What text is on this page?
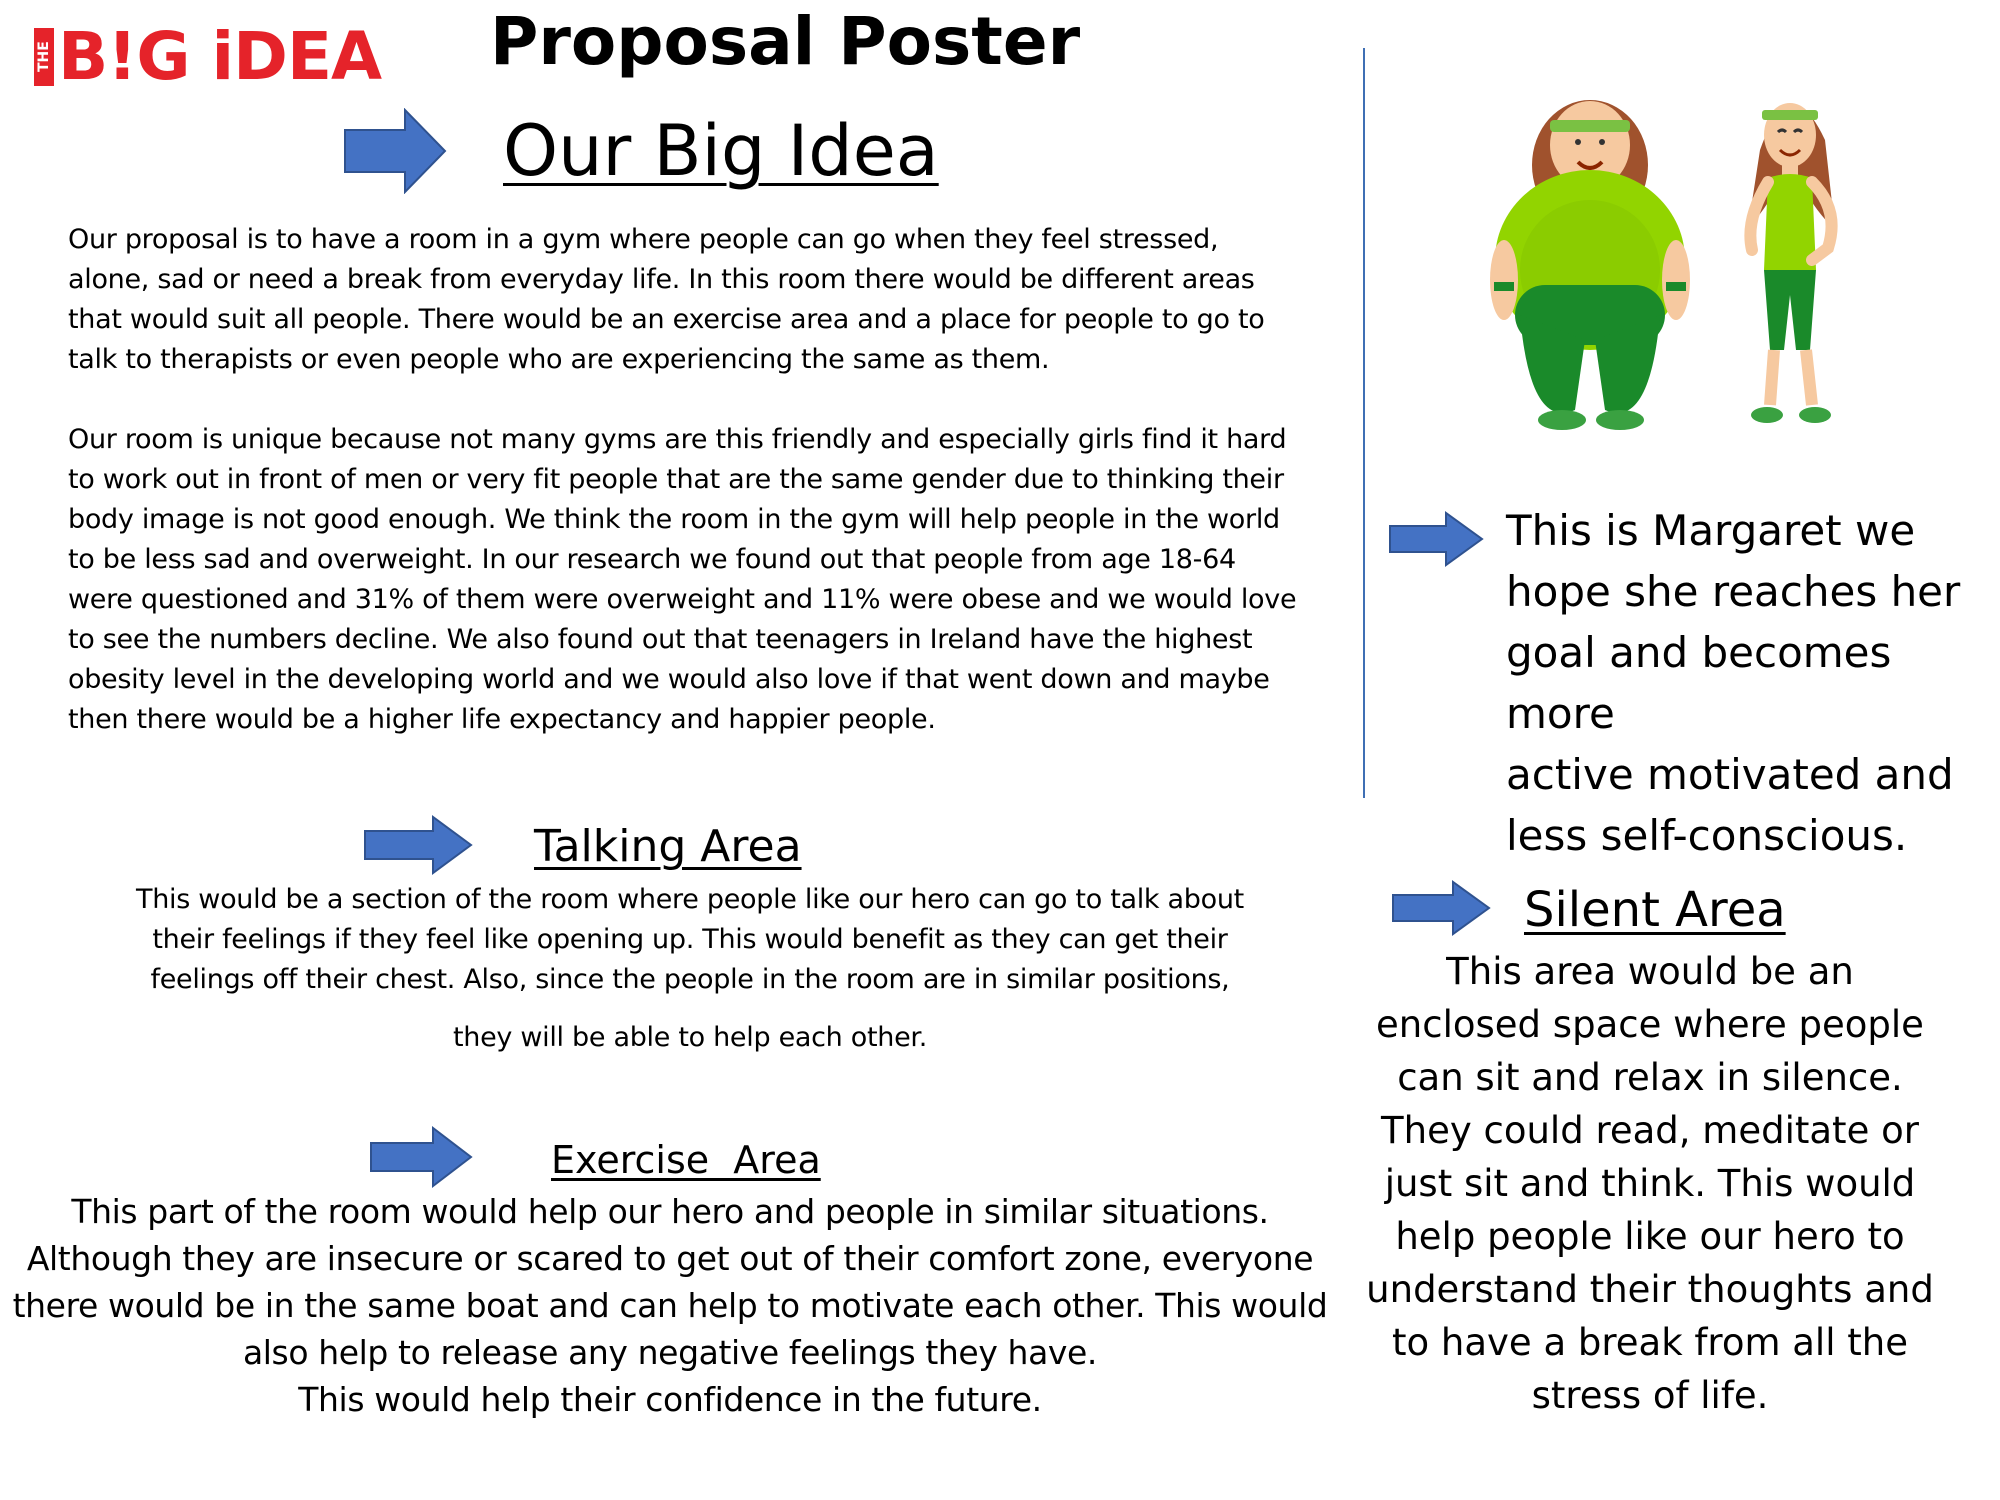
THE B!G iDEA Proposal Poster
Our Big Idea

Our proposal is to have a room in a gym where people can go when they feel stressed,

alone, sad or need a break from everyday life. In this room there would be different areas

that would suit all people. There would be an exercise area and a place for people to go to

talk to therapists or even people who are experiencing the same as them.

Our room is unique because not many gyms are this friendly and especially girls find it hard

to work out in front of men or very fit people that are the same gender due to thinking their

body image is not good enough. We think the room in the gym will help people in the world

to be less sad and overweight. In our research we found out that people from age 18-64

were questioned and 31% of them were overweight and 11% were obese and we would love

to see the numbers decline. We also found out that teenagers in Ireland have the highest

obesity level in the developing world and we would also love if that went down and maybe

then there would be a higher life expectancy and happier people.

This is Margaret we
hope she reaches her
goal and becomes more
active motivated and
less self-conscious.
Talking Area

This would be a section of the room where people like our hero can go to talk about

their feelings if they feel like opening up. This would benefit as they can get their

feelings off their chest. Also, since the people in the room are in similar positions,

they will be able to help each other.

Exercise  Area
This part of the room would help our hero and people in similar situations.
Although they are insecure or scared to get out of their comfort zone, everyone
there would be in the same boat and can help to motivate each other. This would
also help to release any negative feelings they have.
This would help their confidence in the future.
Silent Area
This area would be an
enclosed space where people
can sit and relax in silence.
They could read, meditate or
just sit and think. This would
help people like our hero to
understand their thoughts and
to have a break from all the
stress of life.
